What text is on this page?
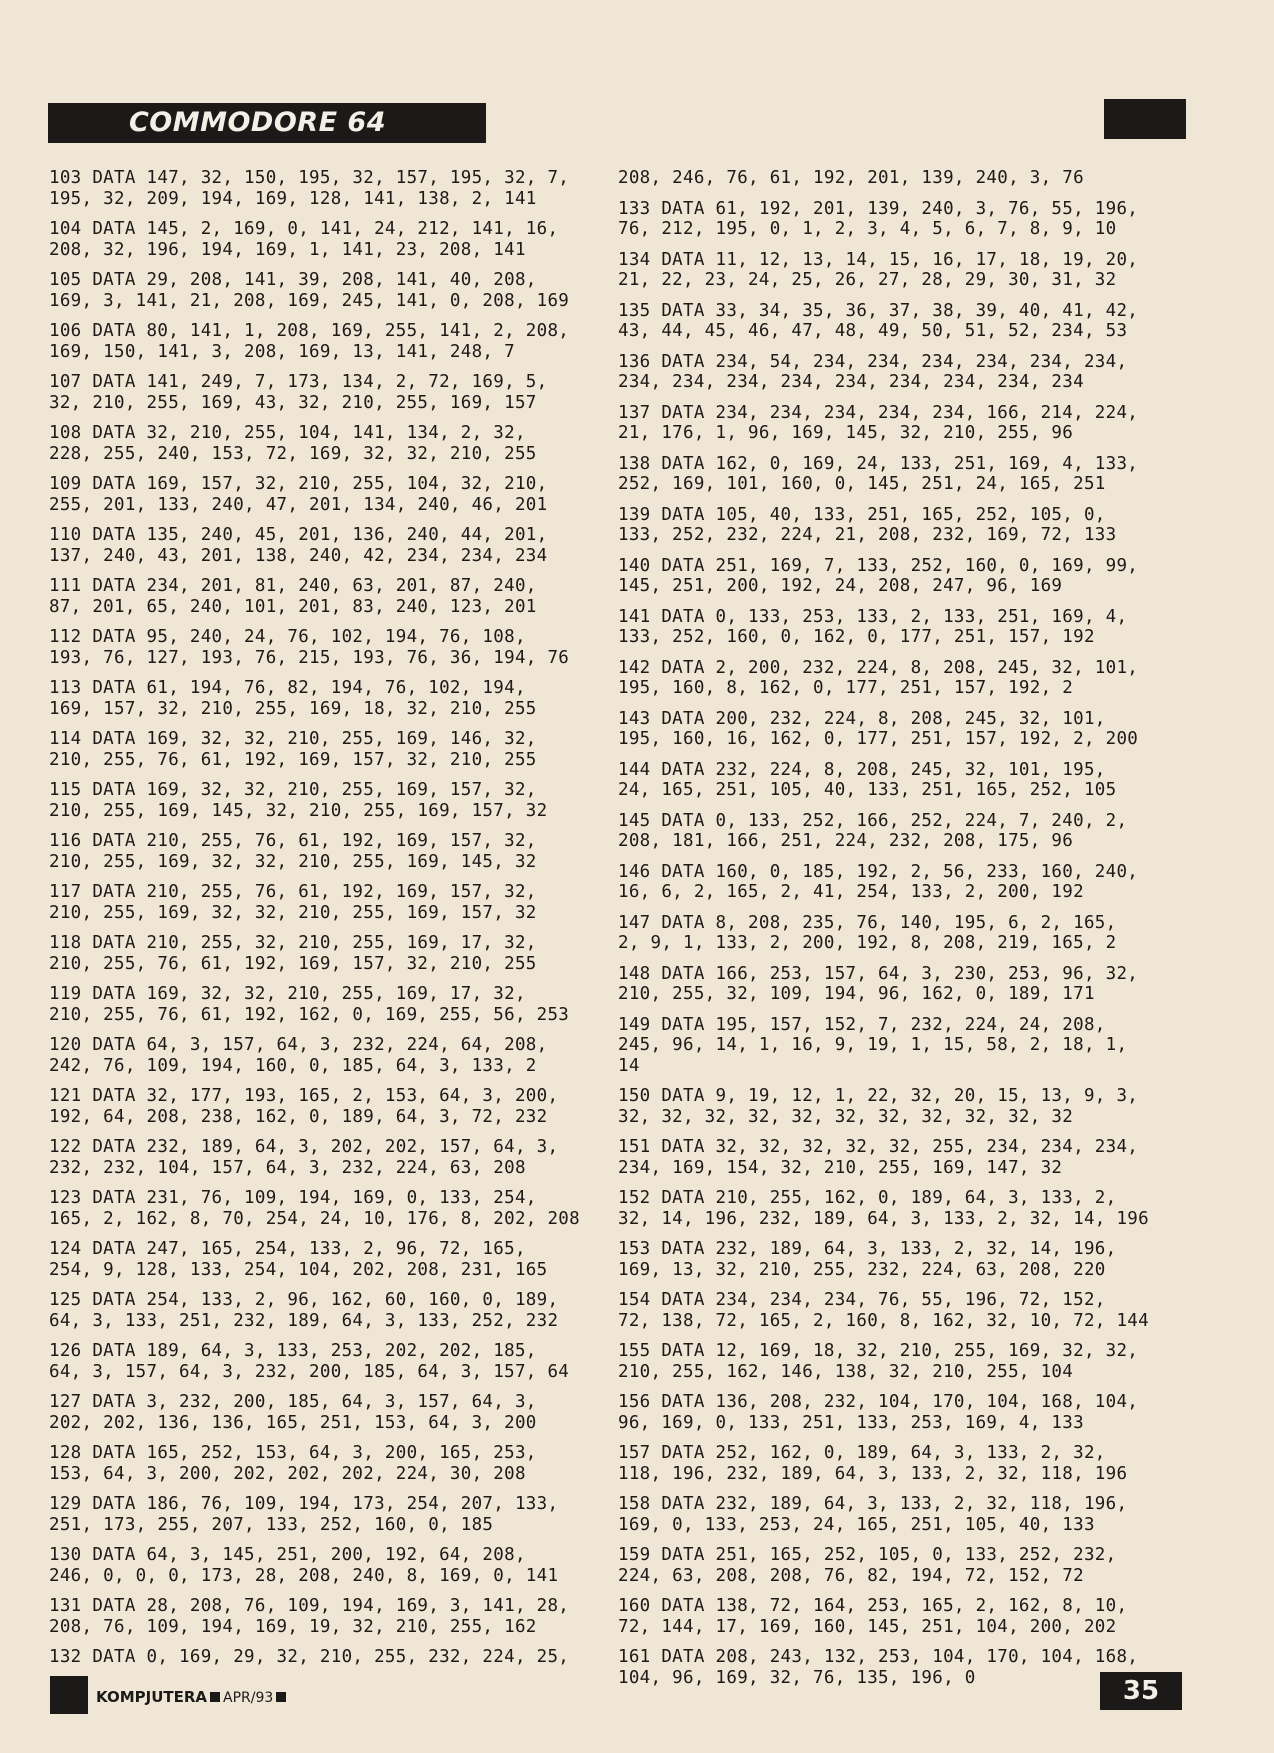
COMMODORE 64
103 DATA 147, 32, 150, 195, 32, 157, 195, 32, 7,
195, 32, 209, 194, 169, 128, 141, 138, 2, 141
104 DATA 145, 2, 169, 0, 141, 24, 212, 141, 16,
208, 32, 196, 194, 169, 1, 141, 23, 208, 141
105 DATA 29, 208, 141, 39, 208, 141, 40, 208,
169, 3, 141, 21, 208, 169, 245, 141, 0, 208, 169
106 DATA 80, 141, 1, 208, 169, 255, 141, 2, 208,
169, 150, 141, 3, 208, 169, 13, 141, 248, 7
107 DATA 141, 249, 7, 173, 134, 2, 72, 169, 5,
32, 210, 255, 169, 43, 32, 210, 255, 169, 157
108 DATA 32, 210, 255, 104, 141, 134, 2, 32,
228, 255, 240, 153, 72, 169, 32, 32, 210, 255
109 DATA 169, 157, 32, 210, 255, 104, 32, 210,
255, 201, 133, 240, 47, 201, 134, 240, 46, 201
110 DATA 135, 240, 45, 201, 136, 240, 44, 201,
137, 240, 43, 201, 138, 240, 42, 234, 234, 234
111 DATA 234, 201, 81, 240, 63, 201, 87, 240,
87, 201, 65, 240, 101, 201, 83, 240, 123, 201
112 DATA 95, 240, 24, 76, 102, 194, 76, 108,
193, 76, 127, 193, 76, 215, 193, 76, 36, 194, 76
113 DATA 61, 194, 76, 82, 194, 76, 102, 194,
169, 157, 32, 210, 255, 169, 18, 32, 210, 255
114 DATA 169, 32, 32, 210, 255, 169, 146, 32,
210, 255, 76, 61, 192, 169, 157, 32, 210, 255
115 DATA 169, 32, 32, 210, 255, 169, 157, 32,
210, 255, 169, 145, 32, 210, 255, 169, 157, 32
116 DATA 210, 255, 76, 61, 192, 169, 157, 32,
210, 255, 169, 32, 32, 210, 255, 169, 145, 32
117 DATA 210, 255, 76, 61, 192, 169, 157, 32,
210, 255, 169, 32, 32, 210, 255, 169, 157, 32
118 DATA 210, 255, 32, 210, 255, 169, 17, 32,
210, 255, 76, 61, 192, 169, 157, 32, 210, 255
119 DATA 169, 32, 32, 210, 255, 169, 17, 32,
210, 255, 76, 61, 192, 162, 0, 169, 255, 56, 253
120 DATA 64, 3, 157, 64, 3, 232, 224, 64, 208,
242, 76, 109, 194, 160, 0, 185, 64, 3, 133, 2
121 DATA 32, 177, 193, 165, 2, 153, 64, 3, 200,
192, 64, 208, 238, 162, 0, 189, 64, 3, 72, 232
122 DATA 232, 189, 64, 3, 202, 202, 157, 64, 3,
232, 232, 104, 157, 64, 3, 232, 224, 63, 208
123 DATA 231, 76, 109, 194, 169, 0, 133, 254,
165, 2, 162, 8, 70, 254, 24, 10, 176, 8, 202, 208
124 DATA 247, 165, 254, 133, 2, 96, 72, 165,
254, 9, 128, 133, 254, 104, 202, 208, 231, 165
125 DATA 254, 133, 2, 96, 162, 60, 160, 0, 189,
64, 3, 133, 251, 232, 189, 64, 3, 133, 252, 232
126 DATA 189, 64, 3, 133, 253, 202, 202, 185,
64, 3, 157, 64, 3, 232, 200, 185, 64, 3, 157, 64
127 DATA 3, 232, 200, 185, 64, 3, 157, 64, 3,
202, 202, 136, 136, 165, 251, 153, 64, 3, 200
128 DATA 165, 252, 153, 64, 3, 200, 165, 253,
153, 64, 3, 200, 202, 202, 202, 224, 30, 208
129 DATA 186, 76, 109, 194, 173, 254, 207, 133,
251, 173, 255, 207, 133, 252, 160, 0, 185
130 DATA 64, 3, 145, 251, 200, 192, 64, 208,
246, 0, 0, 0, 173, 28, 208, 240, 8, 169, 0, 141
131 DATA 28, 208, 76, 109, 194, 169, 3, 141, 28,
208, 76, 109, 194, 169, 19, 32, 210, 255, 162
132 DATA 0, 169, 29, 32, 210, 255, 232, 224, 25,
208, 246, 76, 61, 192, 201, 139, 240, 3, 76
133 DATA 61, 192, 201, 139, 240, 3, 76, 55, 196,
76, 212, 195, 0, 1, 2, 3, 4, 5, 6, 7, 8, 9, 10
134 DATA 11, 12, 13, 14, 15, 16, 17, 18, 19, 20,
21, 22, 23, 24, 25, 26, 27, 28, 29, 30, 31, 32
135 DATA 33, 34, 35, 36, 37, 38, 39, 40, 41, 42,
43, 44, 45, 46, 47, 48, 49, 50, 51, 52, 234, 53
136 DATA 234, 54, 234, 234, 234, 234, 234, 234,
234, 234, 234, 234, 234, 234, 234, 234, 234
137 DATA 234, 234, 234, 234, 234, 166, 214, 224,
21, 176, 1, 96, 169, 145, 32, 210, 255, 96
138 DATA 162, 0, 169, 24, 133, 251, 169, 4, 133,
252, 169, 101, 160, 0, 145, 251, 24, 165, 251
139 DATA 105, 40, 133, 251, 165, 252, 105, 0,
133, 252, 232, 224, 21, 208, 232, 169, 72, 133
140 DATA 251, 169, 7, 133, 252, 160, 0, 169, 99,
145, 251, 200, 192, 24, 208, 247, 96, 169
141 DATA 0, 133, 253, 133, 2, 133, 251, 169, 4,
133, 252, 160, 0, 162, 0, 177, 251, 157, 192
142 DATA 2, 200, 232, 224, 8, 208, 245, 32, 101,
195, 160, 8, 162, 0, 177, 251, 157, 192, 2
143 DATA 200, 232, 224, 8, 208, 245, 32, 101,
195, 160, 16, 162, 0, 177, 251, 157, 192, 2, 200
144 DATA 232, 224, 8, 208, 245, 32, 101, 195,
24, 165, 251, 105, 40, 133, 251, 165, 252, 105
145 DATA 0, 133, 252, 166, 252, 224, 7, 240, 2,
208, 181, 166, 251, 224, 232, 208, 175, 96
146 DATA 160, 0, 185, 192, 2, 56, 233, 160, 240,
16, 6, 2, 165, 2, 41, 254, 133, 2, 200, 192
147 DATA 8, 208, 235, 76, 140, 195, 6, 2, 165,
2, 9, 1, 133, 2, 200, 192, 8, 208, 219, 165, 2
148 DATA 166, 253, 157, 64, 3, 230, 253, 96, 32,
210, 255, 32, 109, 194, 96, 162, 0, 189, 171
149 DATA 195, 157, 152, 7, 232, 224, 24, 208,
245, 96, 14, 1, 16, 9, 19, 1, 15, 58, 2, 18, 1,
14
150 DATA 9, 19, 12, 1, 22, 32, 20, 15, 13, 9, 3,
32, 32, 32, 32, 32, 32, 32, 32, 32, 32, 32
151 DATA 32, 32, 32, 32, 32, 255, 234, 234, 234,
234, 169, 154, 32, 210, 255, 169, 147, 32
152 DATA 210, 255, 162, 0, 189, 64, 3, 133, 2,
32, 14, 196, 232, 189, 64, 3, 133, 2, 32, 14, 196
153 DATA 232, 189, 64, 3, 133, 2, 32, 14, 196,
169, 13, 32, 210, 255, 232, 224, 63, 208, 220
154 DATA 234, 234, 234, 76, 55, 196, 72, 152,
72, 138, 72, 165, 2, 160, 8, 162, 32, 10, 72, 144
155 DATA 12, 169, 18, 32, 210, 255, 169, 32, 32,
210, 255, 162, 146, 138, 32, 210, 255, 104
156 DATA 136, 208, 232, 104, 170, 104, 168, 104,
96, 169, 0, 133, 251, 133, 253, 169, 4, 133
157 DATA 252, 162, 0, 189, 64, 3, 133, 2, 32,
118, 196, 232, 189, 64, 3, 133, 2, 32, 118, 196
158 DATA 232, 189, 64, 3, 133, 2, 32, 118, 196,
169, 0, 133, 253, 24, 165, 251, 105, 40, 133
159 DATA 251, 165, 252, 105, 0, 133, 252, 232,
224, 63, 208, 208, 76, 82, 194, 72, 152, 72
160 DATA 138, 72, 164, 253, 165, 2, 162, 8, 10,
72, 144, 17, 169, 160, 145, 251, 104, 200, 202
161 DATA 208, 243, 132, 253, 104, 170, 104, 168,
104, 96, 169, 32, 76, 135, 196, 0
KOMPJUTERA APR/93	35
